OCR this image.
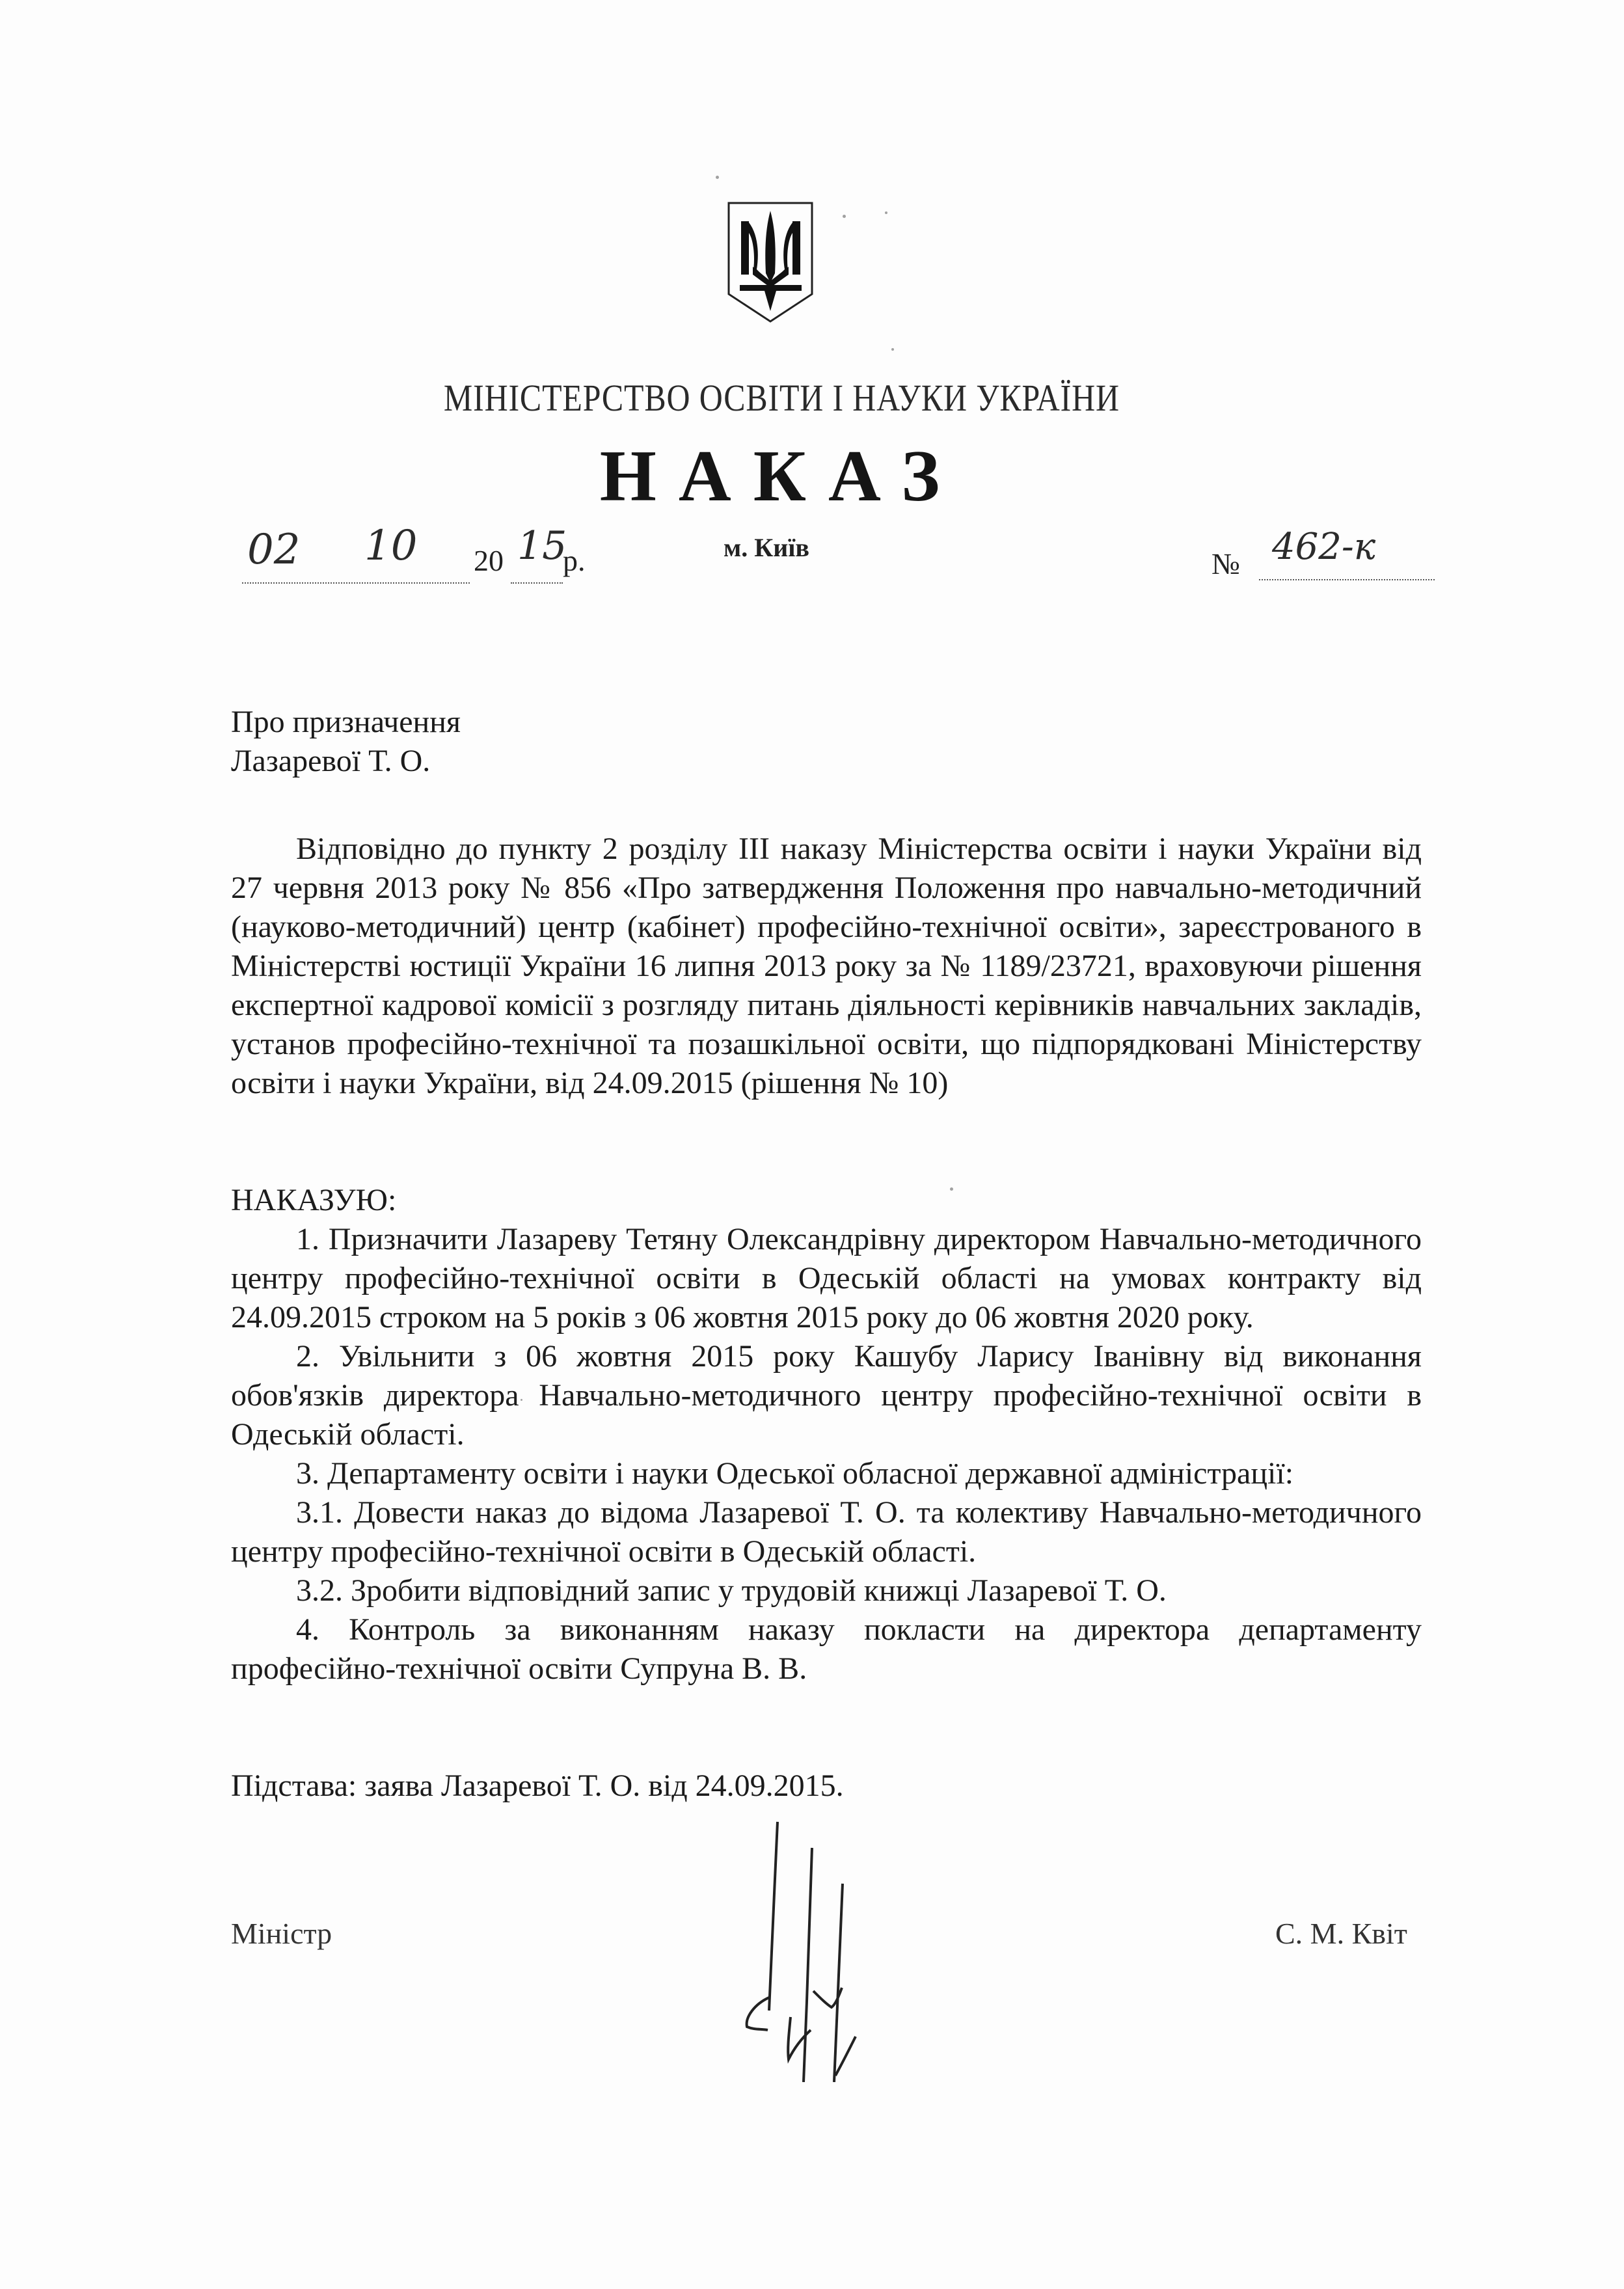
МІНІСТЕРСТВО ОСВІТИ І НАУКИ УКРАЇНИ
НАКАЗ
02 10 20 15
р.	м. Київ	№ 462-к
Про призначення
Лазаревої Т. О.

Відповідно до пункту 2 розділу III наказу Міністерства освіти і науки України від 27 червня 2013 року № 856 «Про затвердження Положення про навчально-методичний (науково-методичний) центр (кабінет) професійно-технічної освіти», зареєстрованого в Міністерстві юстиції України 16 липня 2013 року за № 1189/23721, враховуючи рішення експертної кадрової комісії з розгляду питань діяльності керівників навчальних закладів, установ професійно-технічної та позашкільної освіти, що підпорядковані Міністерству освіти і науки України, від 24.09.2015 (рішення № 10)

НАКАЗУЮ:

1. Призначити Лазареву Тетяну Олександрівну директором Навчально-методичного центру професійно-технічної освіти в Одеській області на умовах контракту від 24.09.2015 строком на 5 років з 06 жовтня 2015 року до 06 жовтня 2020 року.

2. Увільнити з 06 жовтня 2015 року Кашубу Ларису Іванівну від виконання обов'язків директора Навчально-методичного центру професійно-технічної освіти в Одеській області.

3. Департаменту освіти і науки Одеської обласної державної адміністрації:

3.1. Довести наказ до відома Лазаревої Т. О. та колективу Навчально-методичного центру професійно-технічної освіти в Одеській області.

3.2. Зробити відповідний запис у трудовій книжці Лазаревої Т. О.

4. Контроль за виконанням наказу покласти на директора департаменту професійно-технічної освіти Супруна В. В.

Підстава: заява Лазаревої Т. О. від 24.09.2015.
Міністр	С. М. Квіт
